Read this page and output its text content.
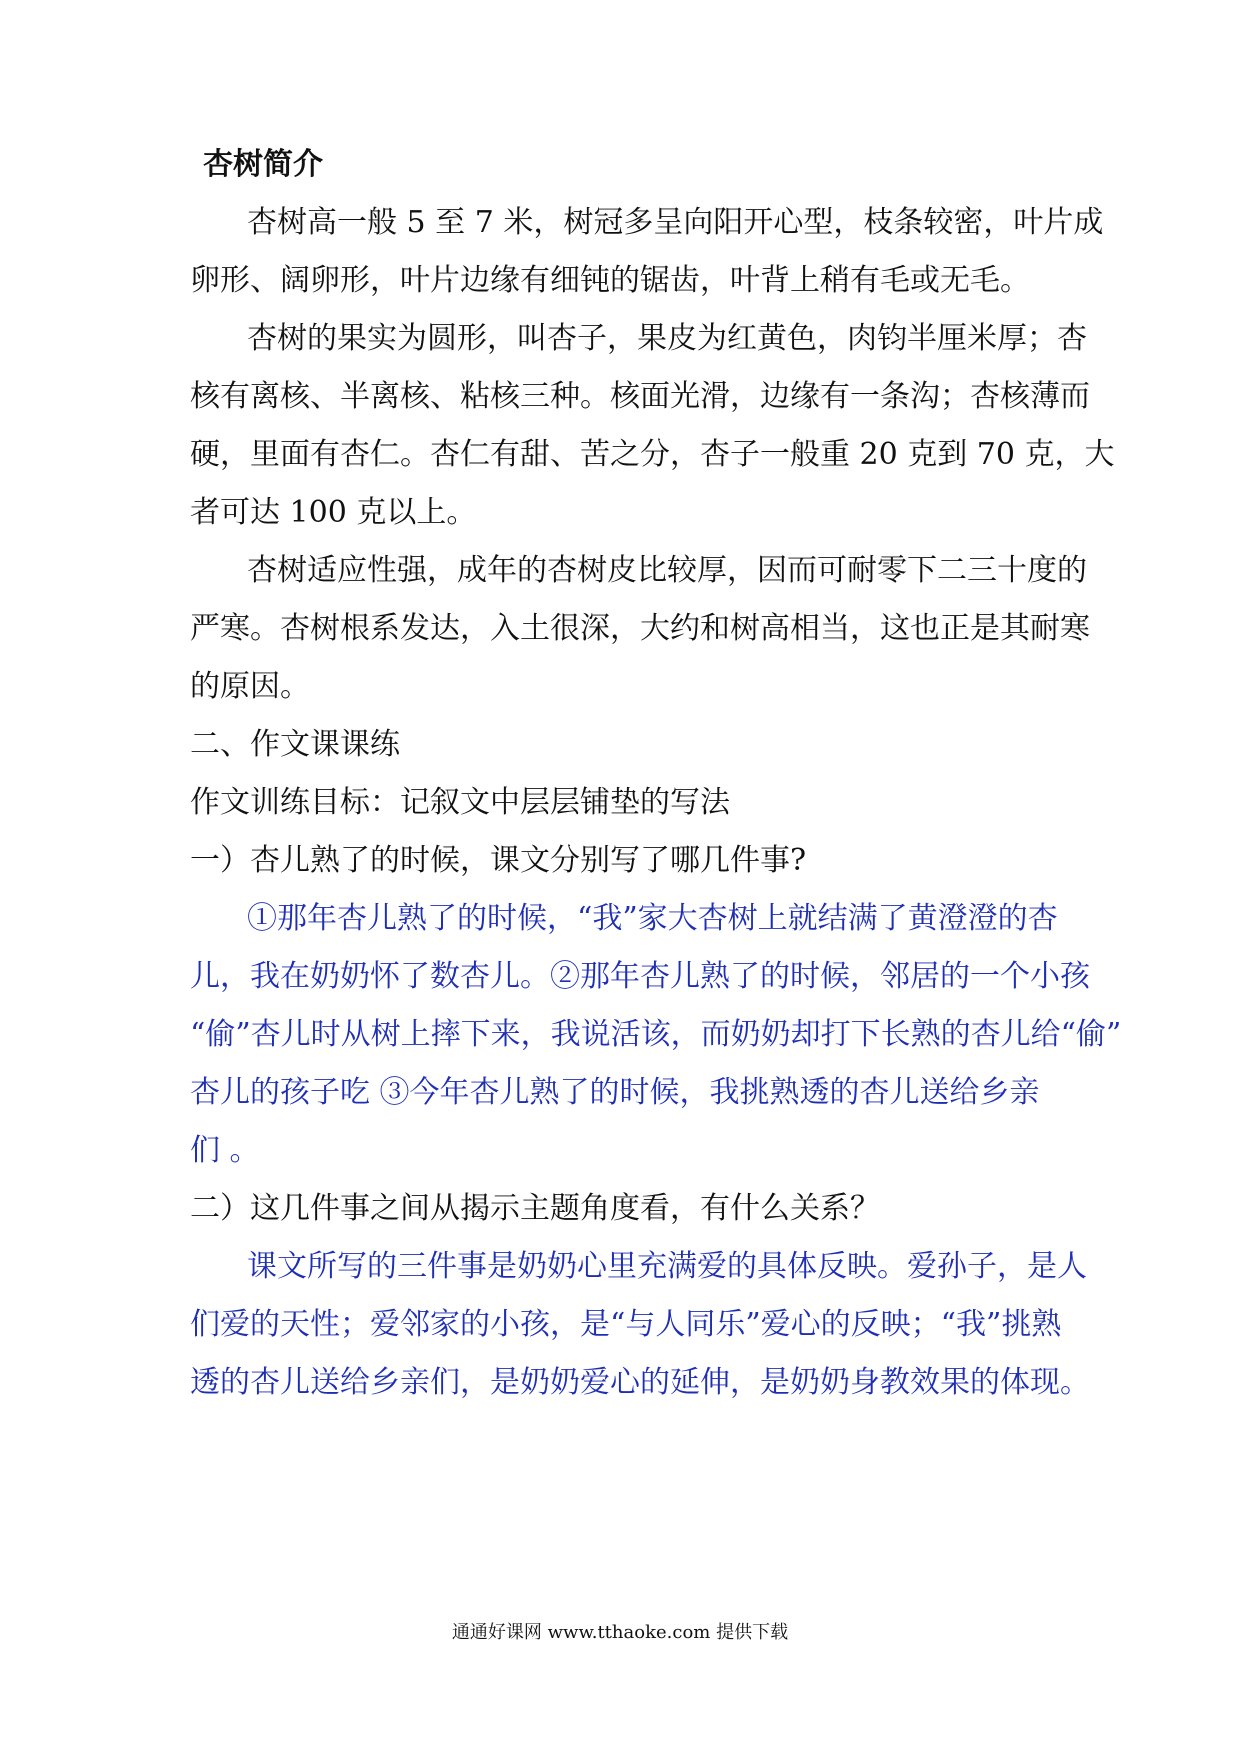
杏树简介
杏树高一般 5 至 7 米，树冠多呈向阳开心型，枝条较密，叶片成
卵形、阔卵形，叶片边缘有细钝的锯齿，叶背上稍有毛或无毛。
杏树的果实为圆形，叫杏子，果皮为红黄色，肉钧半厘米厚；杏
核有离核、半离核、粘核三种。核面光滑，边缘有一条沟；杏核薄而
硬，里面有杏仁。杏仁有甜、苦之分，杏子一般重 20 克到 70 克，大
者可达 100 克以上。
杏树适应性强，成年的杏树皮比较厚，因而可耐零下二三十度的
严寒。杏树根系发达，入土很深，大约和树高相当，这也正是其耐寒
的原因。
二、作文课课练
作文训练目标：记叙文中层层铺垫的写法
一）杏儿熟了的时候，课文分别写了哪几件事?
①那年杏儿熟了的时候，“我”家大杏树上就结满了黄澄澄的杏
儿，我在奶奶怀了数杏儿。②那年杏儿熟了的时候，邻居的一个小孩
“偷”杏儿时从树上摔下来，我说活该，而奶奶却打下长熟的杏儿给“偷”
杏儿的孩子吃 ③今年杏儿熟了的时候，我挑熟透的杏儿送给乡亲
们 。
二）这几件事之间从揭示主题角度看，有什么关系？
课文所写的三件事是奶奶心里充满爱的具体反映。爱孙子，是人
们爱的天性；爱邻家的小孩，是“与人同乐”爱心的反映；“我”挑熟
透的杏儿送给乡亲们，是奶奶爱心的延伸，是奶奶身教效果的体现。
通通好课网 www.tthaoke.com 提供下载
